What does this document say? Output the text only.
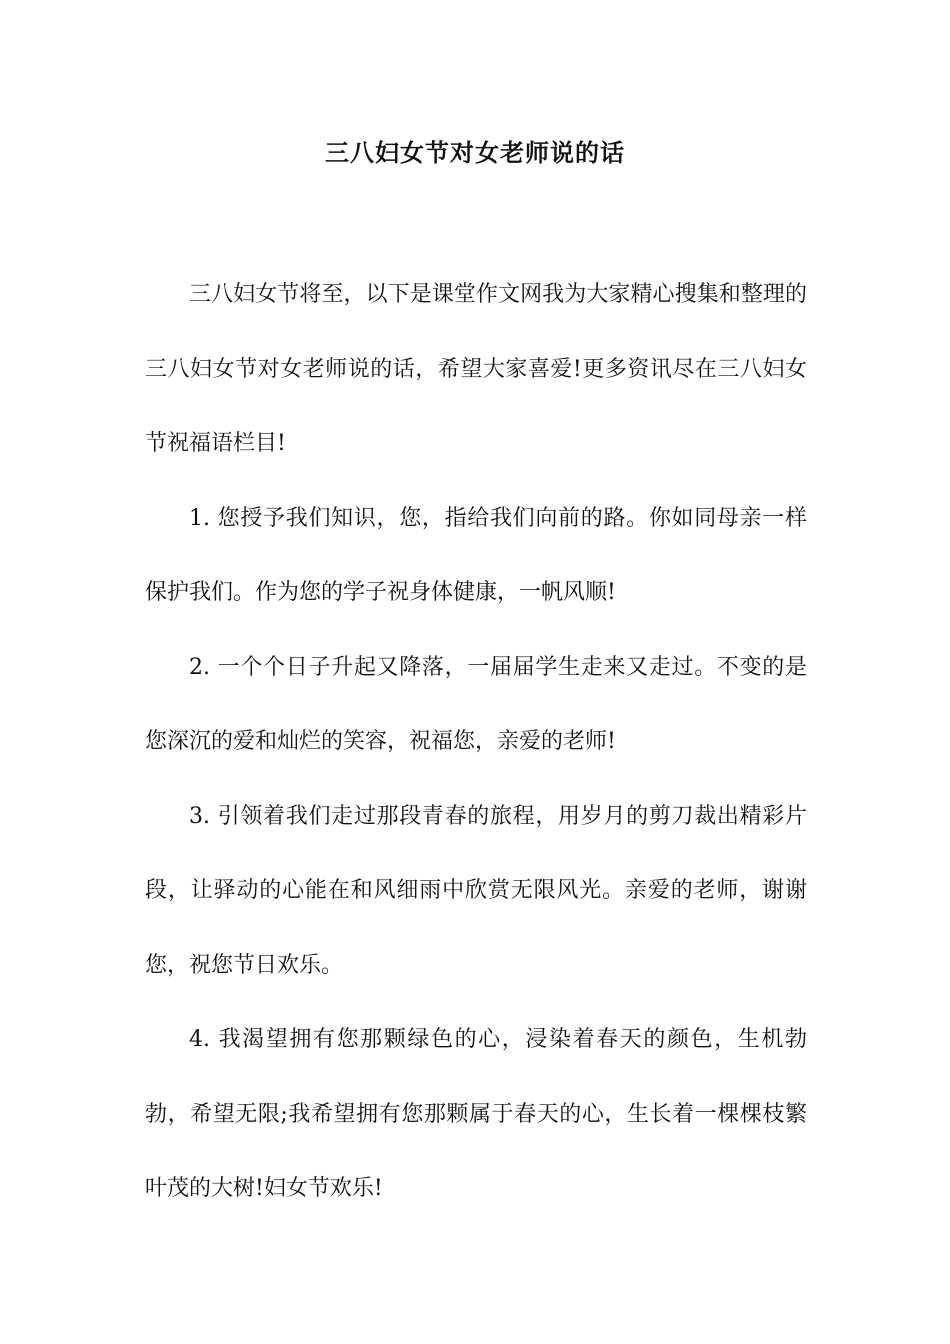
三八妇女节对女老师说的话

三八妇女节将至，以下是课堂作文网我为大家精心搜集和整理的三八妇女节对女老师说的话，希望大家喜爱!更多资讯尽在三八妇女节祝福语栏目!

1. 您授予我们知识，您，指给我们向前的路。你如同母亲一样保护我们。作为您的学子祝身体健康，一帆风顺!

2. 一个个日子升起又降落，一届届学生走来又走过。不变的是您深沉的爱和灿烂的笑容，祝福您，亲爱的老师!

3. 引领着我们走过那段青春的旅程，用岁月的剪刀裁出精彩片段，让驿动的心能在和风细雨中欣赏无限风光。亲爱的老师，谢谢您，祝您节日欢乐。

4. 我渴望拥有您那颗绿色的心，浸染着春天的颜色，生机勃勃，希望无限;我希望拥有您那颗属于春天的心，生长着一棵棵枝繁叶茂的大树!妇女节欢乐!
